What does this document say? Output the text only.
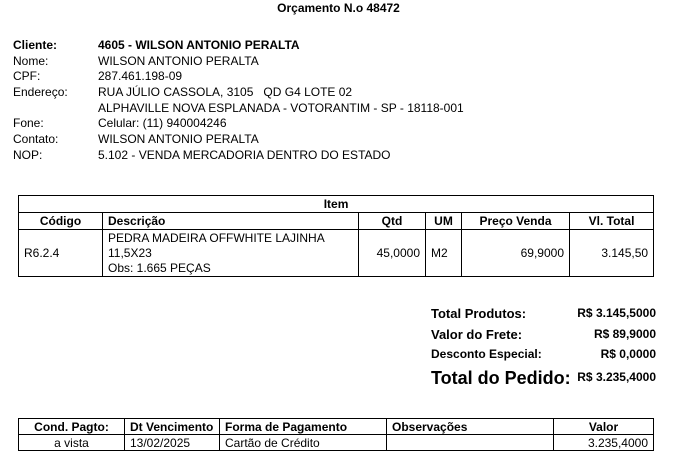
Orçamento N.o 48472
Cliente:	4605 - WILSON ANTONIO PERALTA
Nome:	WILSON ANTONIO PERALTA
CPF:	287.461.198-09
Endereço:	RUA JÚLIO CASSOLA, 3105   QD G4 LOTE 02
ALPHAVILLE NOVA ESPLANADA - VOTORANTIM - SP - 18118-001
Fone:	Celular: (11) 940004246
Contato:	WILSON ANTONIO PERALTA
NOP:	5.102 - VENDA MERCADORIA DENTRO DO ESTADO
Item					
Código	Descrição	Qtd	UM	Preço Venda	Vl. Total
R6.2.4	PEDRA MADEIRA OFFWHITE LAJINHA
11,5X23
Obs: 1.665 PEÇAS	45,0000	M2	69,9000	3.145,50
Total Produtos:	R$ 3.145,5000
Valor do Frete:	R$ 89,9000
Desconto Especial:	R$ 0,0000
Total do Pedido: R$ 3.235,4000
Cond. Pagto:	Dt Vencimento	Forma de Pagamento	Observações	Valor
a vista	13/02/2025	Cartão de Crédito		3.235,4000
